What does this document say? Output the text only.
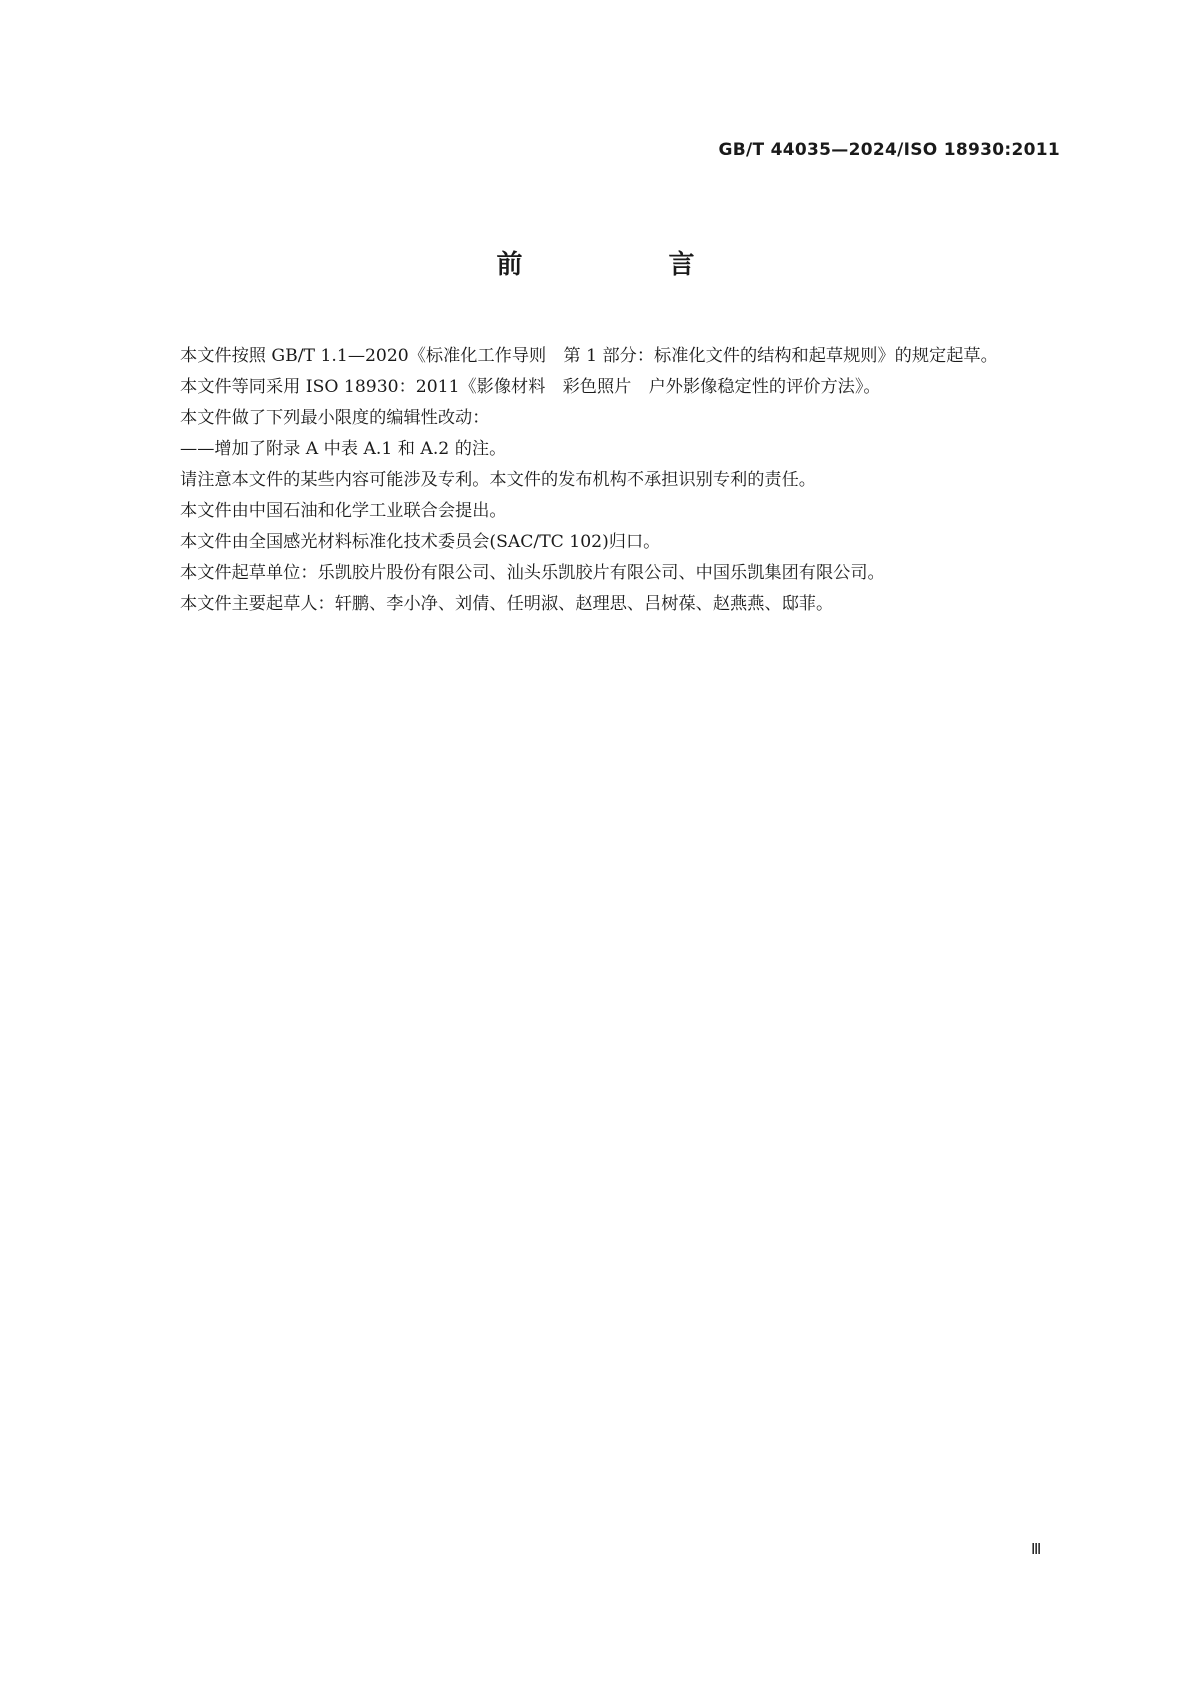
GB/T 44035—2024/ISO 18930:2011
前　言

本文件按照 GB/T 1.1—2020《标准化工作导则　第 1 部分：标准化文件的结构和起草规则》的规定起草。

本文件等同采用 ISO 18930：2011《影像材料　彩色照片　户外影像稳定性的评价方法》。

本文件做了下列最小限度的编辑性改动：

——增加了附录 A 中表 A.1 和 A.2 的注。

请注意本文件的某些内容可能涉及专利。本文件的发布机构不承担识别专利的责任。

本文件由中国石油和化学工业联合会提出。

本文件由全国感光材料标准化技术委员会(SAC/TC 102)归口。

本文件起草单位：乐凯胶片股份有限公司、汕头乐凯胶片有限公司、中国乐凯集团有限公司。

本文件主要起草人：轩鹏、李小净、刘倩、任明淑、赵理思、吕树葆、赵燕燕、邸菲。

Ⅲ
